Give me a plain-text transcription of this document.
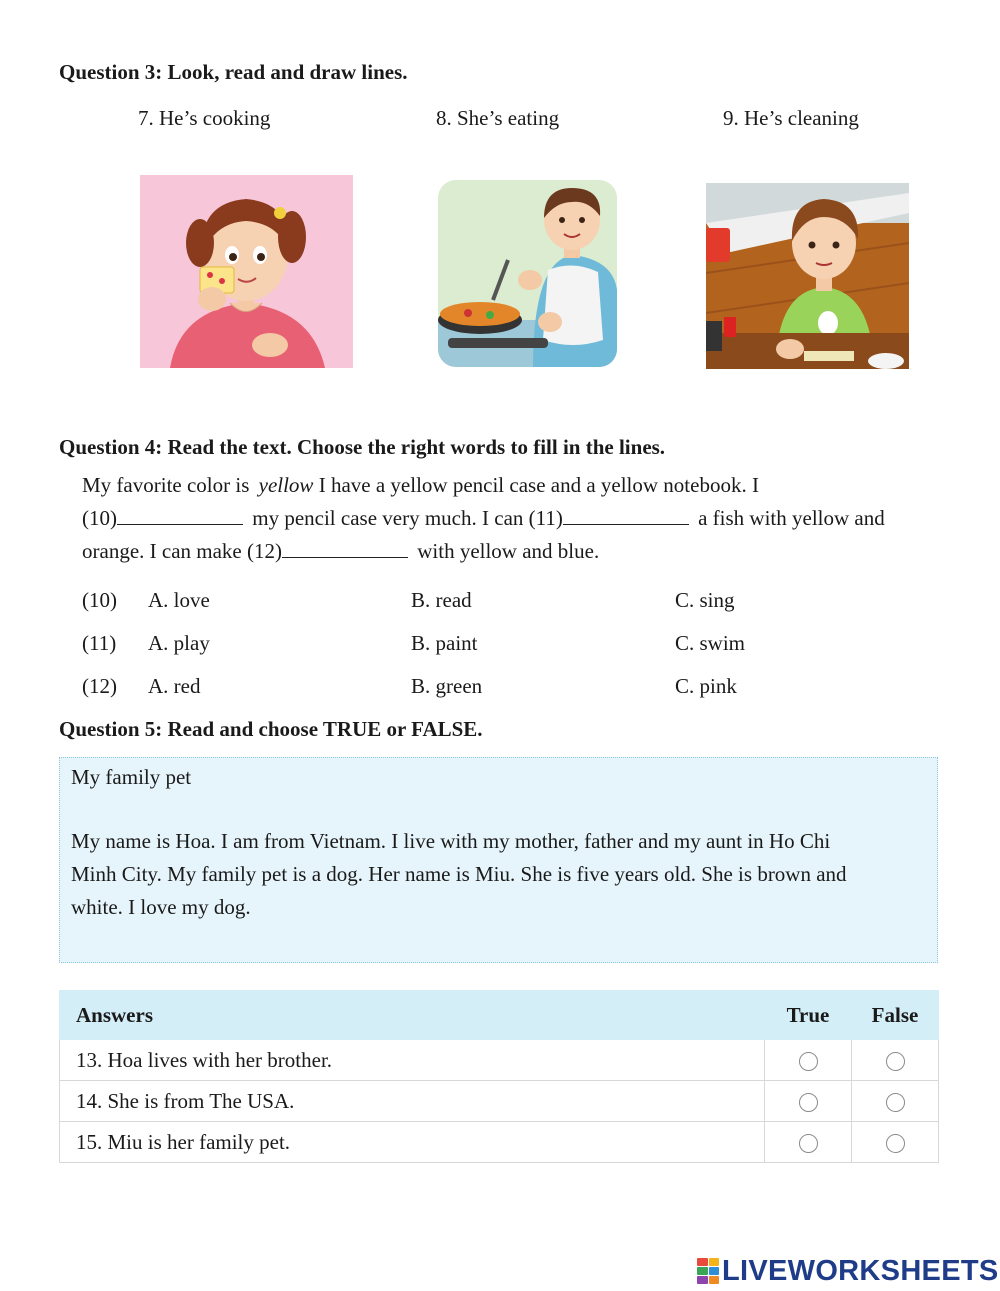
Question 3: Look, read and draw lines.
7. He’s cooking	8. She’s eating	9. He’s cleaning
Question 4: Read the text. Choose the right words to fill in the lines.
My favorite color is yellow I have a yellow pencil case and a yellow notebook. I
(10)	my pencil case very much. I can (11)	a fish with yellow and
orange. I can make (12)	with yellow and blue.
(10) A. love	B. read	C. sing
(11) A. play	B. paint	C. swim
(12) A. red	B. green	C. pink
Question 5: Read and choose TRUE or FALSE.
My family pet
My name is Hoa. I am from Vietnam. I live with my mother, father and my aunt in Ho Chi
Minh City. My family pet is a dog. Her name is Miu. She is five years old. She is brown and
white. I love my dog.
Answers	True	False
13. Hoa lives with her brother.		
14. She is from The USA.		
15. Miu is her family pet.		
LIVEWORKSHEETS
